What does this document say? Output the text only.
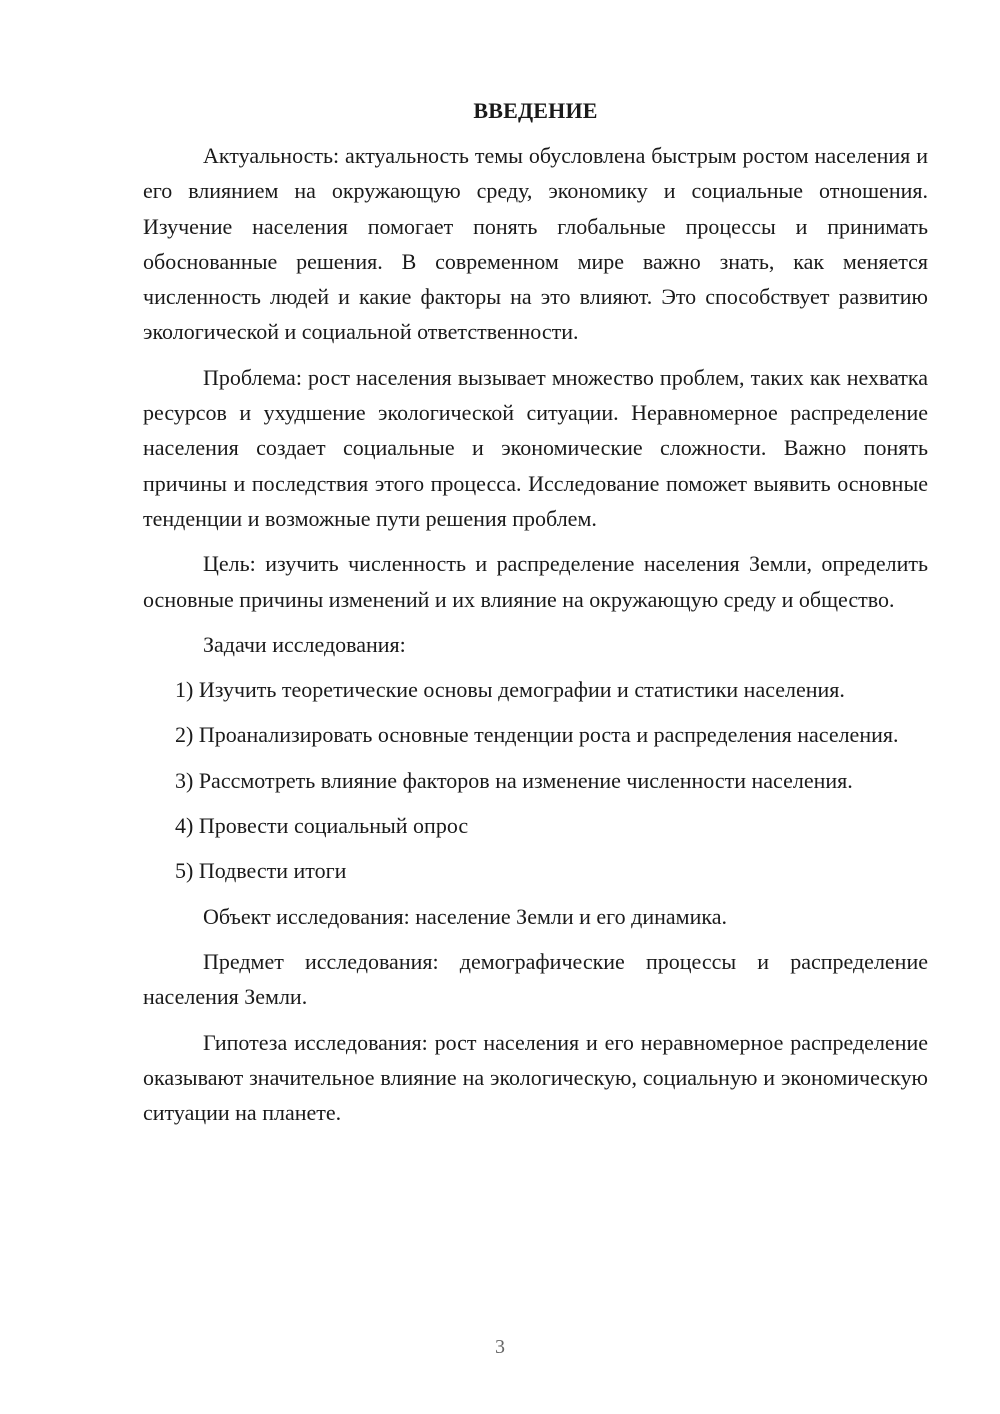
ВВЕДЕНИЕ

Актуальность: актуальность темы обусловлена быстрым ростом населения и его влиянием на окружающую среду, экономику и социальные отношения. Изучение населения помогает понять глобальные процессы и принимать обоснованные решения. В современном мире важно знать, как меняется численность людей и какие факторы на это влияют. Это способствует развитию экологической и социальной ответственности.

Проблема: рост населения вызывает множество проблем, таких как нехватка ресурсов и ухудшение экологической ситуации. Неравномерное распределение населения создает социальные и экономические сложности. Важно понять причины и последствия этого процесса. Исследование поможет выявить основные тенденции и возможные пути решения проблем.

Цель: изучить численность и распределение населения Земли, определить основные причины изменений и их влияние на окружающую среду и общество.

Задачи исследования:

1) Изучить теоретические основы демографии и статистики населения.

2) Проанализировать основные тенденции роста и распределения населения.

3) Рассмотреть влияние факторов на изменение численности населения.

4) Провести социальный опрос

5) Подвести итоги

Объект исследования: население Земли и его динамика.

Предмет исследования: демографические процессы и распределение населения Земли.

Гипотеза исследования: рост населения и его неравномерное распределение оказывают значительное влияние на экологическую, социальную и экономическую ситуации на планете.

3
